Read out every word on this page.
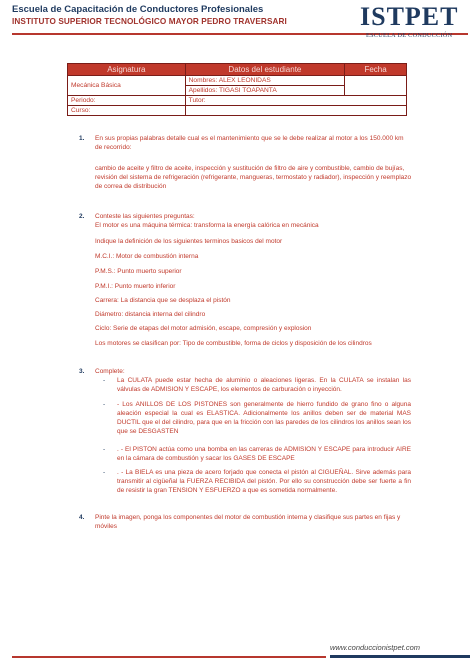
Escuela de Capacitación de Conductores Profesionales
INSTITUTO SUPERIOR TECNOLÓGICO MAYOR PEDRO TRAVERSARI	ISTPET
ESCUELA DE CONDUCCIÓN
Asignatura	Datos del estudiante	Fecha
Mecánica Básica	Nombres: ALEX LEONIDAS	
	Apellidos: TIGASI TOAPANTA	
Periodo:	Tutor:	
Curso:		
1. En sus propias palabras detalle cual es el mantenimiento que se le debe realizar al motor a los 150.000 km de recorrido:
cambio de aceite y filtro de aceite, inspección y sustitución de filtro de aire y combustible, cambio de bujías, revisión del sistema de refrigeración (refrigerante, mangueras, termostato y radiador), inspección y reemplazo de correa de distribución
2. Conteste las siguientes preguntas:
El motor es una máquina térmica: transforma la energía calórica en mecánica
Indique la definición de los siguientes terminos basicos del motor
M.C.I.: Motor de combustión interna
P.M.S.: Punto muerto superior
P.M.I.: Punto muerto inferior
Carrera: La distancia que se desplaza el pistón
Diámetro: distancia interna del cilindro
Ciclo: Serie de etapas del motor admisión, escape, compresión y explosion
Los motores se clasifican por: Tipo de combustible, forma de ciclos y disposición de los cilindros
3. Complete:
- La CULATA puede estar hecha de aluminio o aleaciones ligeras. En la CULATA se instalan las válvulas de ADMISION Y ESCAPE, los elementos de carburación o inyección.
- - Los ANILLOS DE LOS PISTONES son generalmente de hierro fundido de grano fino o alguna aleación especial la cual es ELASTICA. Adicionalmente los anillos deben ser de material MAS DUCTIL que el del cilindro, para que en la fricción con las paredes de los cilindros los anillos sean los que se DESGASTEN
- . - El PISTON actúa como una bomba en las carreras de ADMISION Y ESCAPE para introducir AIRE en la cámara de combustión y sacar los GASES DE ESCAPE
- . - La BIELA es una pieza de acero forjado que conecta el pistón al CIGUEÑAL. Sirve además para transmitir al cigüeñal la FUERZA RECIBIDA del pistón. Por ello su construcción debe ser fuerte a fin de resistir la gran TENSION Y ESFUERZO a que es sometida normalmente.
4. Pinte la imagen, ponga los componentes del motor de combustión interna y clasifique sus partes en fijas y móviles
www.conduccionistpet.com
